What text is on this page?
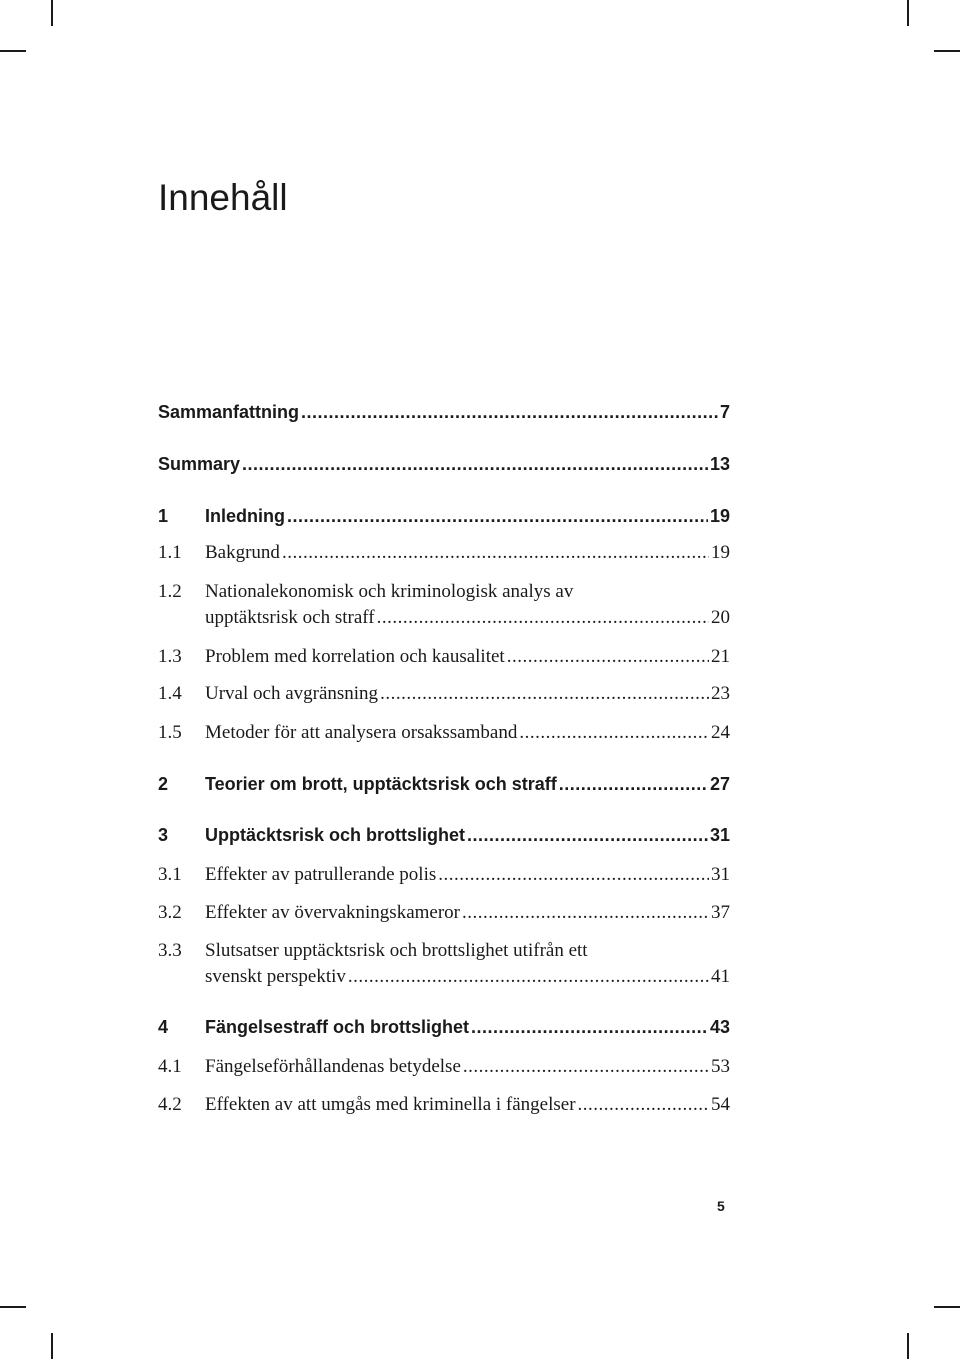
Innehåll
Sammanfattning .....	7
Summary .....	13
1	Inledning .....	19
1.1	Bakgrund .....	19
1.2	Nationalekonomisk och kriminologisk analys av
upptäktsrisk och straff .....	20
1.3	Problem med korrelation och kausalitet .....	21
1.4	Urval och avgränsning .....	23
1.5	Metoder för att analysera orsakssamband .....	24
2	Teorier om brott, upptäcktsrisk och straff .....	27
3	Upptäcktsrisk och brottslighet .....	31
3.1	Effekter av patrullerande polis .....	31
3.2	Effekter av övervakningskameror .....	37
3.3	Slutsatser upptäcktsrisk och brottslighet utifrån ett
svenskt perspektiv .....	41
4	Fängelsestraff och brottslighet .....	43
4.1	Fängelseförhållandenas betydelse .....	53
4.2	Effekten av att umgås med kriminella i fängelser .....	54
5
